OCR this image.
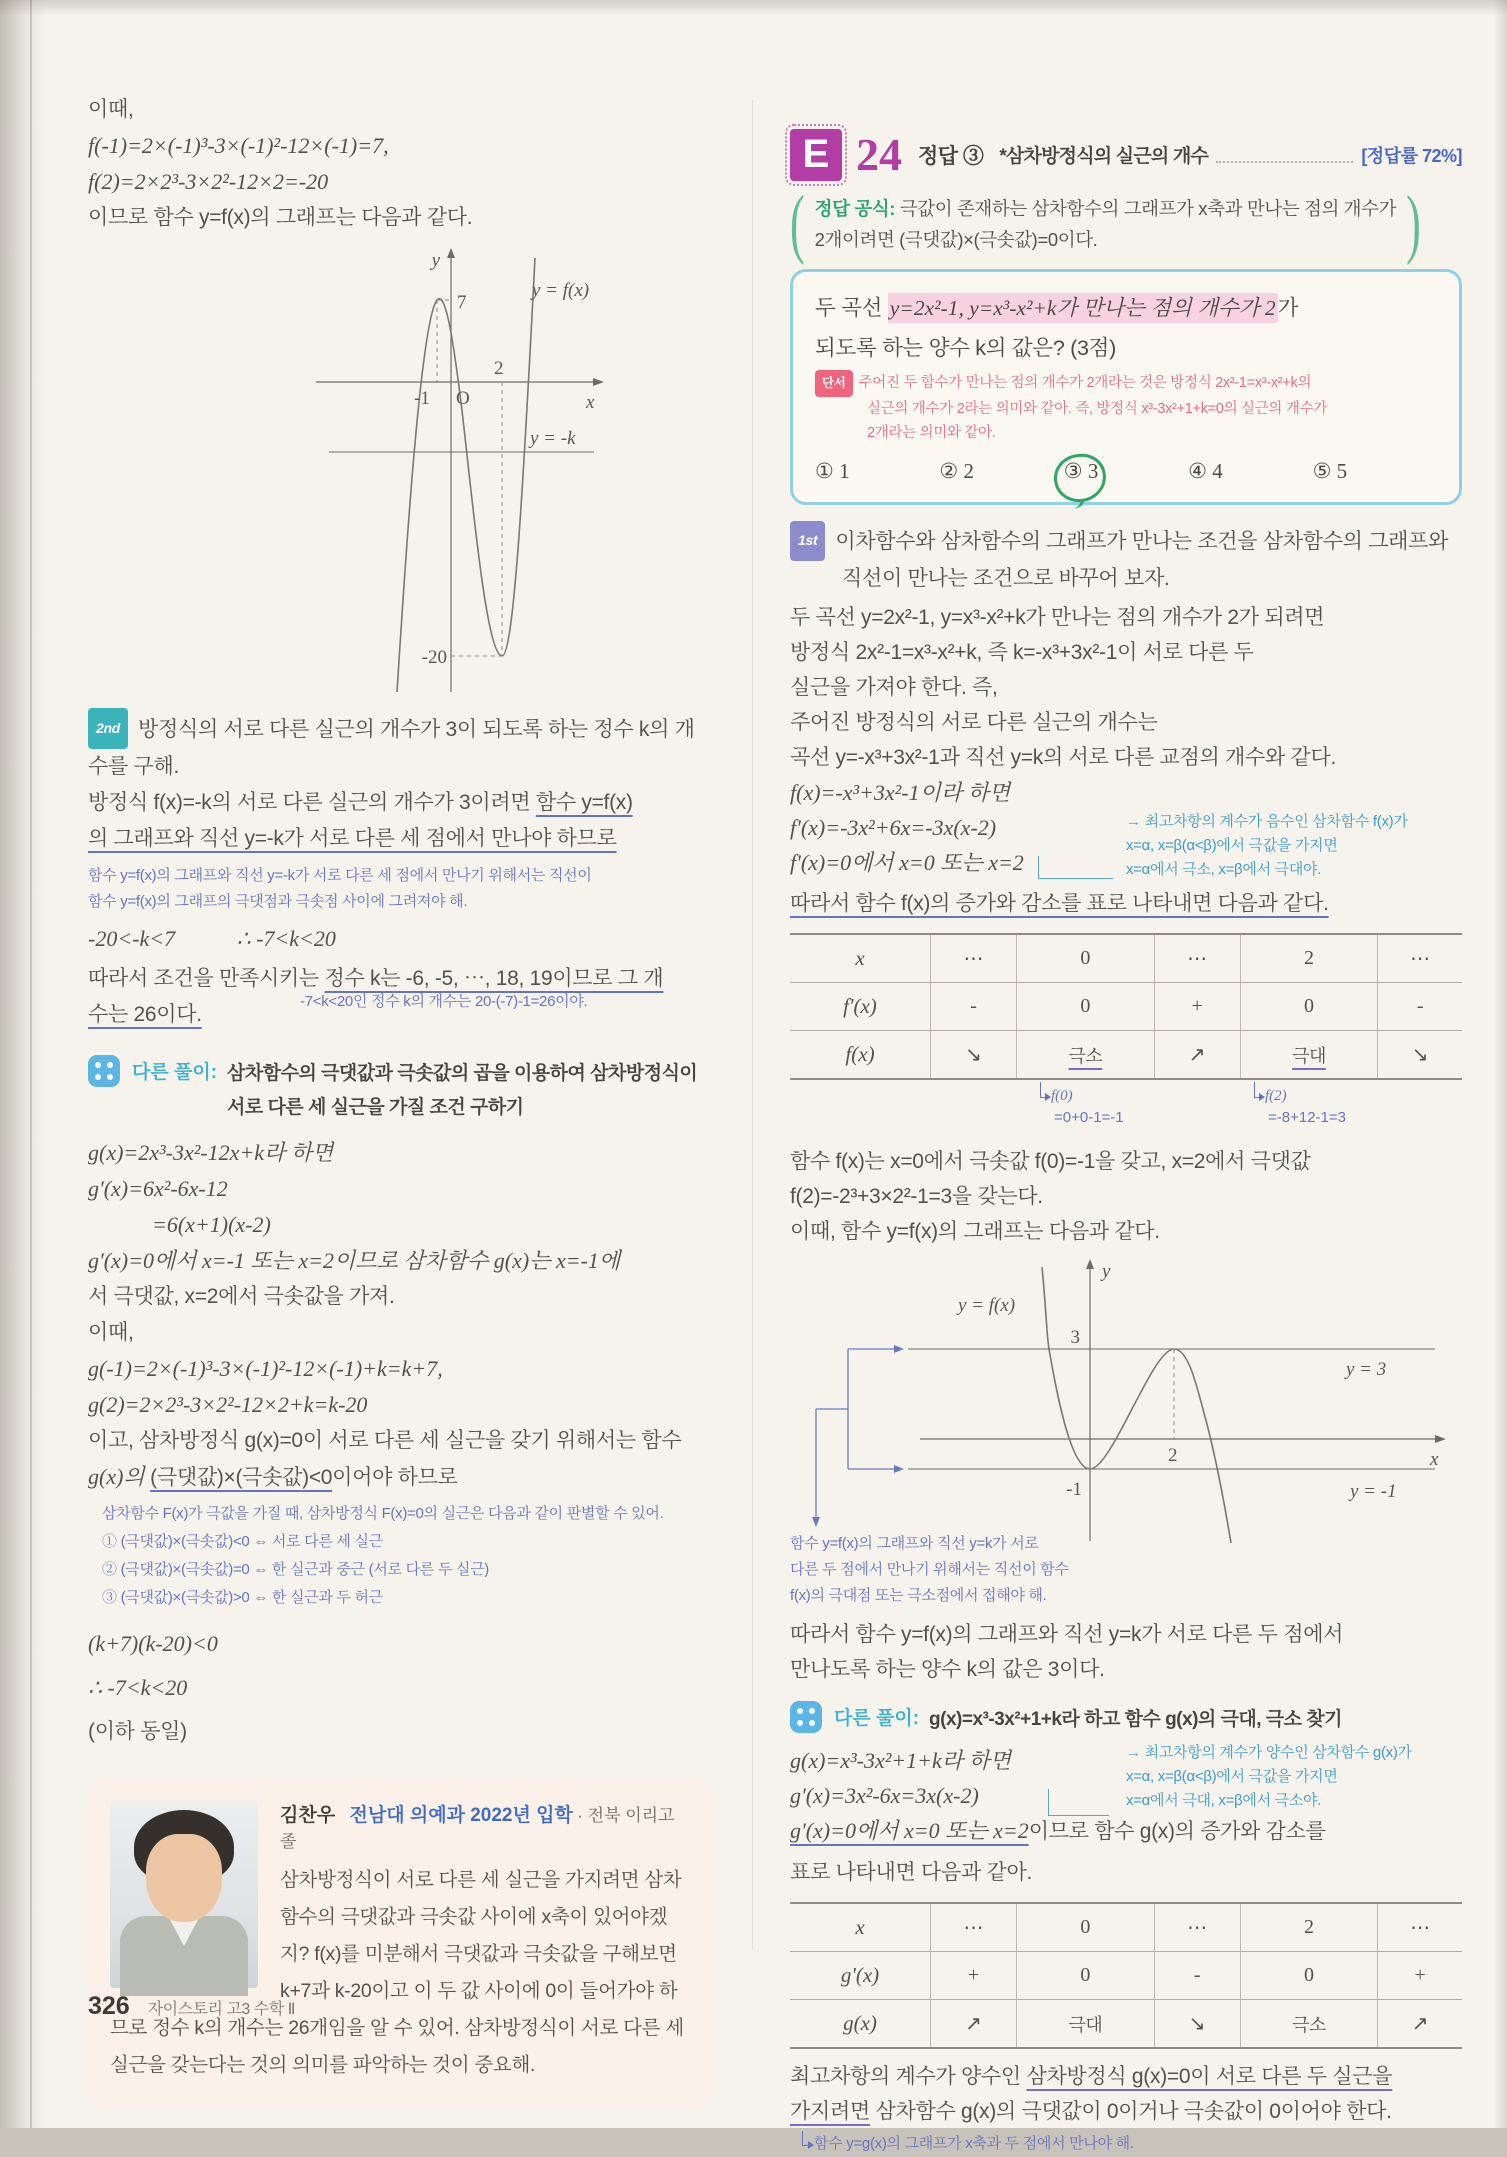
이때,
f(-1)=2×(-1)³-3×(-1)²-12×(-1)=7,
f(2)=2×2³-3×2²-12×2=-20
이므로 함수 y=f(x)의 그래프는 다음과 같다.
y
7
y = f(x)
2
-1 O	x
y = -k
-20
2nd 방정식의 서로 다른 실근의 개수가 3이 되도록 하는 정수 k의 개수를 구해.
방정식 f(x)=-k의 서로 다른 실근의 개수가 3이려면 함수 y=f(x)
의 그래프와 직선 y=-k가 서로 다른 세 점에서 만나야 하므로
함수 y=f(x)의 그래프와 직선 y=-k가 서로 다른 세 점에서 만나기 위해서는 직선이
함수 y=f(x)의 그래프의 극댓점과 극솟점 사이에 그려져야 해.
-20<-k<7	∴ -7<k<20
따라서 조건을 만족시키는 정수 k는 -6, -5, ⋯, 18, 19이므로 그 개
수는 26이다.
-7<k<20인 정수 k의 개수는 20-(-7)-1=26이야.
다른 풀이: 삼차함수의 극댓값과 극솟값의 곱을 이용하여 삼차방정식이
서로 다른 세 실근을 가질 조건 구하기
g(x)=2x³-3x²-12x+k라 하면
g'(x)=6x²-6x-12
=6(x+1)(x-2)
g'(x)=0에서 x=-1 또는 x=2이므로 삼차함수 g(x)는 x=-1에
서 극댓값, x=2에서 극솟값을 가져.
이때,
g(-1)=2×(-1)³-3×(-1)²-12×(-1)+k=k+7,
g(2)=2×2³-3×2²-12×2+k=k-20
이고, 삼차방정식 g(x)=0이 서로 다른 세 실근을 갖기 위해서는 함수
g(x)의 (극댓값)×(극솟값)<0이어야 하므로
삼차함수 F(x)가 극값을 가질 때, 삼차방정식 F(x)=0의 실근은 다음과 같이 판별할 수 있어.
① (극댓값)×(극솟값)<0 ⇔ 서로 다른 세 실근
② (극댓값)×(극솟값)=0 ⇔ 한 실근과 중근 (서로 다른 두 실근)
③ (극댓값)×(극솟값)>0 ⇔ 한 실근과 두 허근
(k+7)(k-20)<0
∴ -7<k<20
(이하 동일)
김찬우 전남대 의예과 2022년 입학 · 전북 이리고 졸
삼차방정식이 서로 다른 세 실근을 가지려면 삼차함수의 극댓값과 극솟값 사이에 x축이 있어야겠지? f(x)를 미분해서 극댓값과 극솟값을 구해보면 k+7과 k-20이고 이 두 값 사이에 0이 들어가야 하므로 정수 k의 개수는 26개임을 알 수 있어. 삼차방정식이 서로 다른 세 실근을 갖는다는 것의 의미를 파악하는 것이 중요해.
E 24 정답 ③ *삼차방정식의 실근의 개수	[정답률 72%]
( 정답 공식: 극값이 존재하는 삼차함수의 그래프가 x축과 만나는 점의 개수가
2개이려면 (극댓값)×(극솟값)=0이다.	)
두 곡선 y=2x²-1, y=x³-x²+k가 만나는 점의 개수가 2가
되도록 하는 양수 k의 값은? (3점)
단서 주어진 두 함수가 만나는 점의 개수가 2개라는 것은 방정식 2x²-1=x³-x²+k의
실근의 개수가 2라는 의미와 같아. 즉, 방정식 x³-3x²+1+k=0의 실근의 개수가
2개라는 의미와 같아.
① 1	② 2	③ 3	④ 4	⑤ 5
1st 이차함수와 삼차함수의 그래프가 만나는 조건을 삼차함수의 그래프와
직선이 만나는 조건으로 바꾸어 보자.
두 곡선 y=2x²-1, y=x³-x²+k가 만나는 점의 개수가 2가 되려면
방정식 2x²-1=x³-x²+k, 즉 k=-x³+3x²-1이 서로 다른 두
실근을 가져야 한다. 즉,
주어진 방정식의 서로 다른 실근의 개수는
곡선 y=-x³+3x²-1과 직선 y=k의 서로 다른 교점의 개수와 같다.
f(x)=-x³+3x²-1이라 하면
f'(x)=-3x²+6x=-3x(x-2)
f'(x)=0에서 x=0 또는 x=2
→ 최고차항의 계수가 음수인 삼차함수 f(x)가
x=α, x=β(α<β)에서 극값을 가지면
x=α에서 극소, x=β에서 극대야.
따라서 함수 f(x)의 증가와 감소를 표로 나타내면 다음과 같다.
x	⋯	0	⋯	2	⋯
f'(x)	-	0	+	0	-
f(x)	↘	극소	↗	극대	↘
f(0)
=0+0-1=-1
f(2)
=-8+12-1=3
함수 f(x)는 x=0에서 극솟값 f(0)=-1을 갖고, x=2에서 극댓값
f(2)=-2³+3×2²-1=3을 갖는다.
이때, 함수 y=f(x)의 그래프는 다음과 같다.
y = f(x)
y
3
y = 3
2	x
-1	y = -1
함수 y=f(x)의 그래프와 직선 y=k가 서로
다른 두 점에서 만나기 위해서는 직선이 함수
f(x)의 극대점 또는 극소점에서 접해야 해.
따라서 함수 y=f(x)의 그래프와 직선 y=k가 서로 다른 두 점에서
만나도록 하는 양수 k의 값은 3이다.
다른 풀이: g(x)=x³-3x²+1+k라 하고 함수 g(x)의 극대, 극소 찾기
g(x)=x³-3x²+1+k라 하면
g'(x)=3x²-6x=3x(x-2)
g'(x)=0에서 x=0 또는 x=2이므로 함수 g(x)의 증가와 감소를
→ 최고차항의 계수가 양수인 삼차함수 g(x)가
x=α, x=β(α<β)에서 극값을 가지면
x=α에서 극대, x=β에서 극소야.
표로 나타내면 다음과 같아.
x	⋯	0	⋯	2	⋯
g'(x)	+	0	-	0	+
g(x)	↗	극대	↘	극소	↗
최고차항의 계수가 양수인 삼차방정식 g(x)=0이 서로 다른 두 실근을
가지려면 삼차함수 g(x)의 극댓값이 0이거나 극솟값이 0이어야 한다.
함수 y=g(x)의 그래프가 x축과 두 점에서 만나야 해.
326 자이스토리 고3 수학 Ⅱ
